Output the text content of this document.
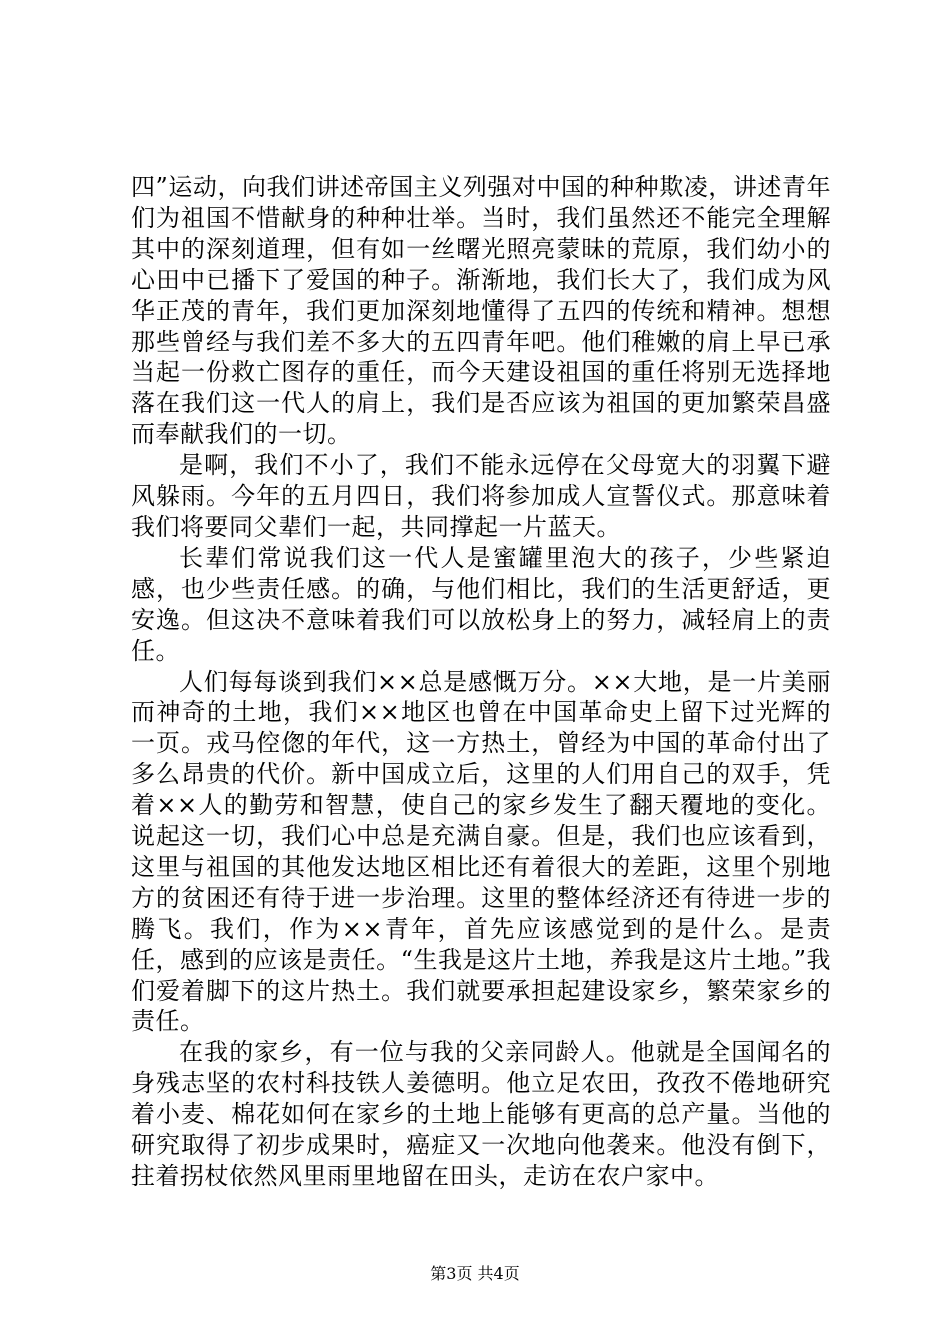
四”运动，向我们讲述帝国主义列强对中国的种种欺凌，讲述青年们为祖国不惜献身的种种壮举。当时，我们虽然还不能完全理解其中的深刻道理，但有如一丝曙光照亮蒙昧的荒原，我们幼小的心田中已播下了爱国的种子。渐渐地，我们长大了，我们成为风华正茂的青年，我们更加深刻地懂得了五四的传统和精神。想想那些曾经与我们差不多大的五四青年吧。他们稚嫩的肩上早已承当起一份救亡图存的重任，而今天建设祖国的重任将别无选择地落在我们这一代人的肩上，我们是否应该为祖国的更加繁荣昌盛而奉献我们的一切。

是啊，我们不小了，我们不能永远停在父母宽大的羽翼下避风躲雨。今年的五月四日，我们将参加成人宣誓仪式。那意味着我们将要同父辈们一起，共同撑起一片蓝天。

长辈们常说我们这一代人是蜜罐里泡大的孩子，少些紧迫感，也少些责任感。的确，与他们相比，我们的生活更舒适，更安逸。但这决不意味着我们可以放松身上的努力，减轻肩上的责任。

人们每每谈到我们××总是感慨万分。××大地，是一片美丽而神奇的土地，我们××地区也曾在中国革命史上留下过光辉的一页。戎马倥偬的年代，这一方热土，曾经为中国的革命付出了多么昂贵的代价。新中国成立后，这里的人们用自己的双手，凭着××人的勤劳和智慧，使自己的家乡发生了翻天覆地的变化。说起这一切，我们心中总是充满自豪。但是，我们也应该看到，这里与祖国的其他发达地区相比还有着很大的差距，这里个别地方的贫困还有待于进一步治理。这里的整体经济还有待进一步的腾飞。我们，作为××青年，首先应该感觉到的是什么。是责任，感到的应该是责任。“生我是这片土地，养我是这片土地。”我们爱着脚下的这片热土。我们就要承担起建设家乡，繁荣家乡的责任。

在我的家乡，有一位与我的父亲同龄人。他就是全国闻名的身残志坚的农村科技铁人姜德明。他立足农田，孜孜不倦地研究着小麦、棉花如何在家乡的土地上能够有更高的总产量。当他的研究取得了初步成果时，癌症又一次地向他袭来。他没有倒下，拄着拐杖依然风里雨里地留在田头，走访在农户家中。

第3页 共4页
